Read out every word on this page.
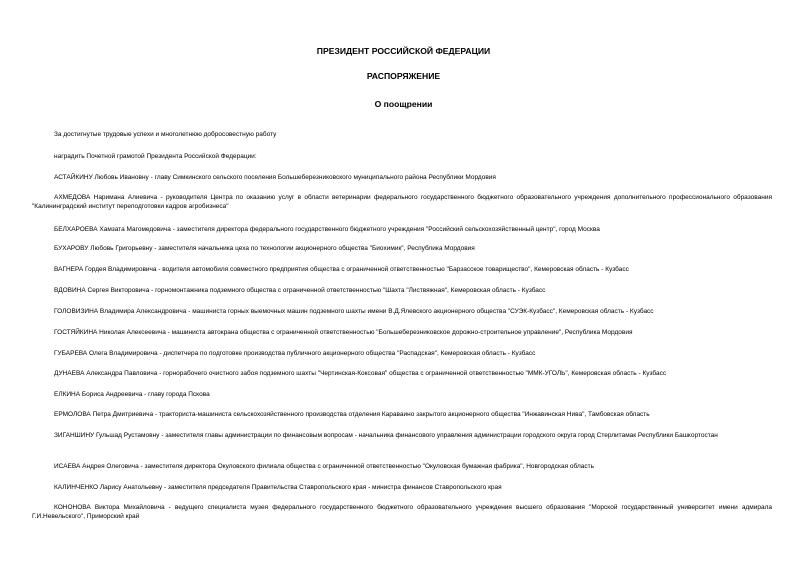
ПРЕЗИДЕНТ РОССИЙСКОЙ ФЕДЕРАЦИИ
РАСПОРЯЖЕНИЕ
О поощрении
За достигнутые трудовые успехи и многолетнюю добросовестную работу
наградить Почетной грамотой Президента Российской Федерации:
АСТАЙКИНУ Любовь Ивановну - главу Симкинского сельского поселения Большеберезниковского муниципального района Республики Мордовия
АХМЕДОВА Наримана Алиевича - руководителя Центра по оказанию услуг в области ветеринарии федерального государственного бюджетного образовательного учреждения дополнительного профессионального образования "Калининградский институт переподготовки кадров агробизнеса"
БЕЛХАРОЕВА Хамзата Магомедовича - заместителя директора федерального государственного бюджетного учреждения "Российский сельскохозяйственный центр", город Москва
БУХАРОВУ Любовь Григорьевну - заместителя начальника цеха по технологии акционерного общества "Биохимик", Республика Мордовия
ВАГНЕРА Гордея Владимировича - водителя автомобиля совместного предприятия общества с ограниченной ответственностью "Барзасское товарищество", Кемеровская область - Кузбасс
ВДОВИНА Сергея Викторовича - горномонтажника подземного общества с ограниченной ответственностью "Шахта "Листвяжная", Кемеровская область - Кузбасс
ГОЛОВИЗИНА Владимира Александровича - машиниста горных выемочных машин подземного шахты имени В.Д.Ялевского акционерного общества "СУЭК-Кузбасс", Кемеровская область - Кузбасс
ГОСТЯЙКИНА Николая Алексеевича - машиниста автокрана общества с ограниченной ответственностью "Большеберезниковское дорожно-строительное управление", Республика Мордовия
ГУБАРЕВА Олега Владимировича - диспетчера по подготовке производства публичного акционерного общества "Распадская", Кемеровская область - Кузбасс
ДУНАЕВА Александра Павловича - горнорабочего очистного забоя подземного шахты "Чертинская-Коксовая" общества с ограниченной ответственностью "ММК-УГОЛЬ", Кемеровская область - Кузбасс
ЕЛКИНА Бориса Андреевича - главу города Пскова
ЕРМОЛОВА Петра Дмитриевича - тракториста-машиниста сельскохозяйственного производства отделения Караваино закрытого акционерного общества "Инжавинская Нива", Тамбовская область
ЗИГАНШИНУ Гульшад Рустамовну - заместителя главы администрации по финансовым вопросам - начальника финансового управления администрации городского округа город Стерлитамак Республики Башкортостан
ИСАЕВА Андрея Олеговича - заместителя директора Окуловского филиала общества с ограниченной ответственностью "Окуловская бумажная фабрика", Новгородская область
КАЛИНЧЕНКО Ларису Анатольевну - заместителя председателя Правительства Ставропольского края - министра финансов Ставропольского края
КОНОНОВА Виктора Михайловича - ведущего специалиста музея федерального государственного бюджетного образовательного учреждения высшего образования "Морской государственный университет имени адмирала Г.И.Невельского", Приморский край
